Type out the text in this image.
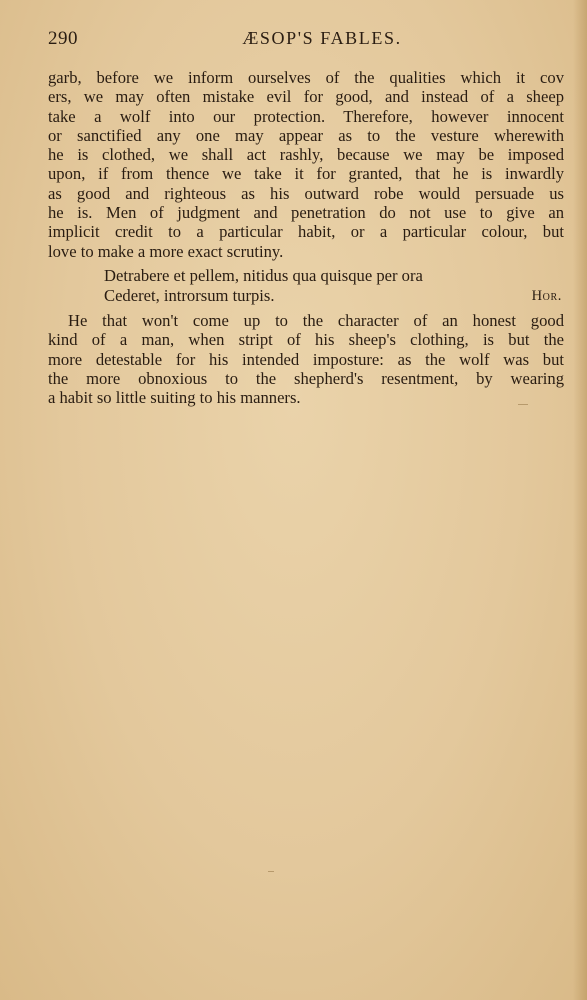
290	ÆSOP'S FABLES.
garb, before we inform ourselves of the qualities which it cov
ers, we may often mistake evil for good, and instead of a sheep
take a wolf into our protection. Therefore, however innocent
or sanctified any one may appear as to the vesture wherewith
he is clothed, we shall act rashly, because we may be imposed
upon, if from thence we take it for granted, that he is inwardly
as good and righteous as his outward robe would persuade us
he is. Men of judgment and penetration do not use to give an
implicit credit to a particular habit, or a particular colour, but
love to make a more exact scrutiny.
Detrabere et pellem, nitidus qua quisque per ora
Cederet, introrsum turpis.	Hor.
He that won't come up to the character of an honest good
kind of a man, when stript of his sheep's clothing, is but the
more detestable for his intended imposture: as the wolf was but
the more obnoxious to the shepherd's resentment, by wearing
a habit so little suiting to his manners.
